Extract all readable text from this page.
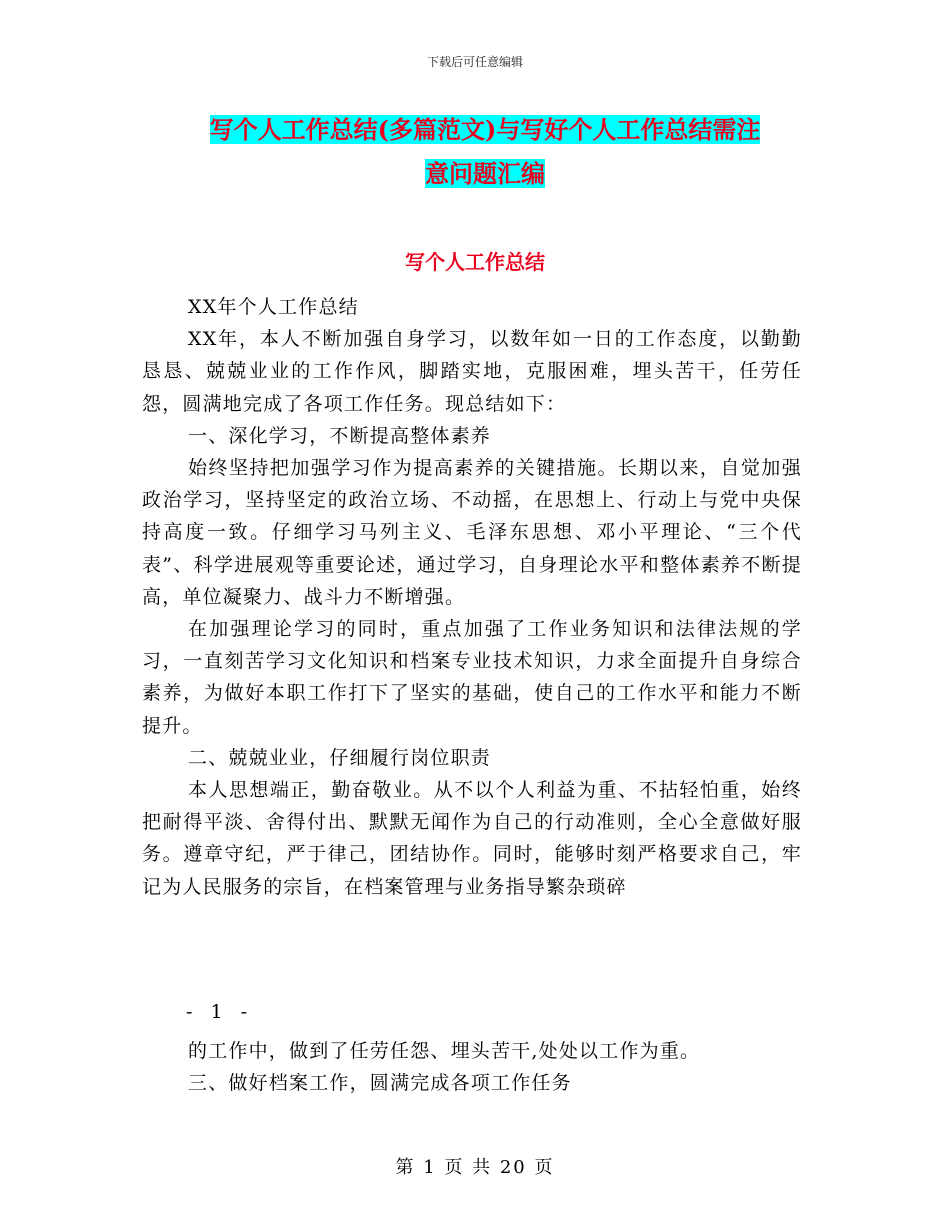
下载后可任意编辑
写个人工作总结(多篇范文)与写好个人工作总结需注
意问题汇编
写个人工作总结

XX年个人工作总结

XX年，本人不断加强自身学习，以数年如一日的工作态度，以勤勤恳恳、兢兢业业的工作作风，脚踏实地，克服困难，埋头苦干，任劳任怨，圆满地完成了各项工作任务。现总结如下：

一、深化学习，不断提高整体素养

始终坚持把加强学习作为提高素养的关键措施。长期以来，自觉加强政治学习，坚持坚定的政治立场、不动摇，在思想上、行动上与党中央保持高度一致。仔细学习马列主义、毛泽东思想、邓小平理论、“三个代表”、科学进展观等重要论述，通过学习，自身理论水平和整体素养不断提高，单位凝聚力、战斗力不断增强。

在加强理论学习的同时，重点加强了工作业务知识和法律法规的学习，一直刻苦学习文化知识和档案专业技术知识，力求全面提升自身综合素养，为做好本职工作打下了坚实的基础，使自己的工作水平和能力不断提升。

二、兢兢业业，仔细履行岗位职责

本人思想端正，勤奋敬业。从不以个人利益为重、不拈轻怕重，始终把耐得平淡、舍得付出、默默无闻作为自己的行动准则，全心全意做好服务。遵章守纪，严于律己，团结协作。同时，能够时刻严格要求自己，牢记为人民服务的宗旨，在档案管理与业务指导繁杂琐碎

- 1 -

的工作中，做到了任劳任怨、埋头苦干,处处以工作为重。

三、做好档案工作，圆满完成各项工作任务

第 1 页 共 20 页
